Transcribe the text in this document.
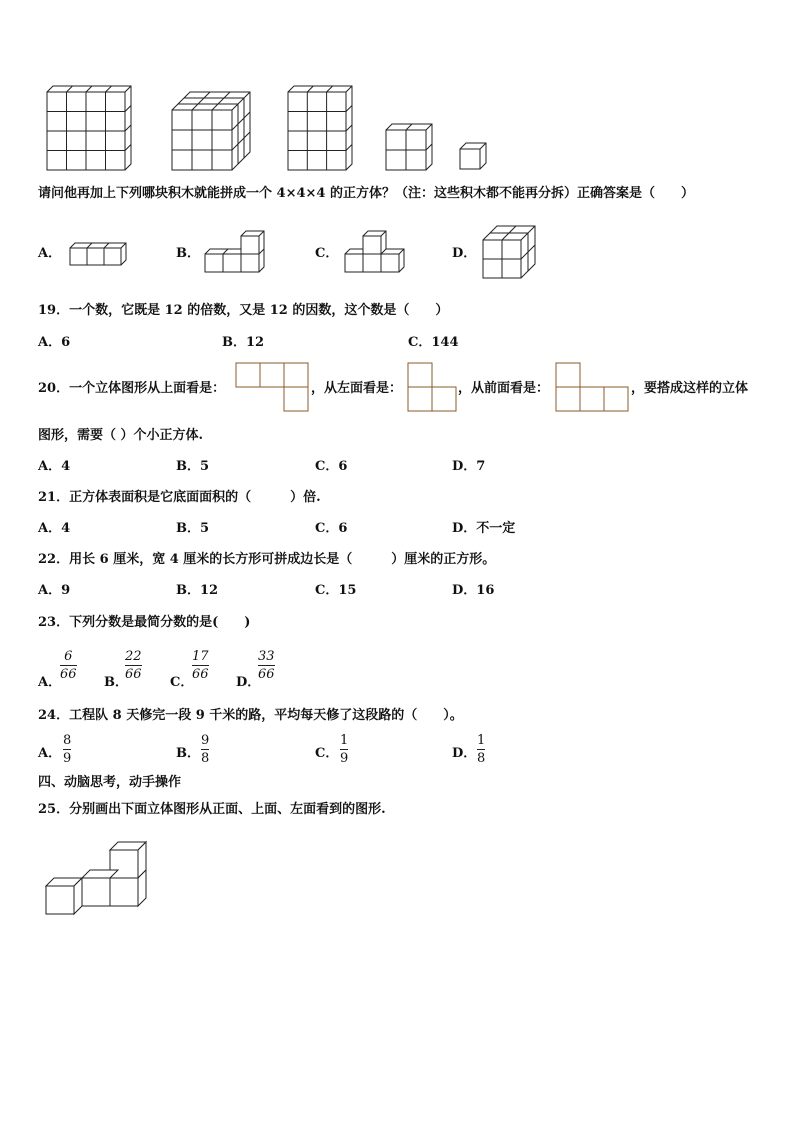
请问他再加上下列哪块积木就能拼成一个 4×4×4 的正方体？（注：这些积木都不能再分拆）正确答案是（　　）
A．	B．	C．	D．
19．一个数，它既是 12 的倍数，又是 12 的因数，这个数是（　　）
A．6	B．12	C．144
20．一个立体图形从上面看是：	，从左面看是：	，从前面看是：	，要搭成这样的立体
图形，需要（ ）个小正方体.
A．4	B．5	C．6	D．7
21．正方体表面积是它底面面积的（　　　）倍.
A．4	B．5	C．6	D．不一定
22．用长 6 厘米，宽 4 厘米的长方形可拼成边长是（　　　）厘米的正方形。
A．9	B．12	C．15	D．16
23．下列分数是最简分数的是(　　)
A．
6
66
B．
22
66
C．
17
66
D．
33
66
24．工程队 8 天修完一段 9 千米的路，平均每天修了这段路的（　　）。
A．
8
9	B．
9
8	C．
1
9	D．
1
8
四、动脑思考，动手操作
25．分别画出下面立体图形从正面、上面、左面看到的图形.
